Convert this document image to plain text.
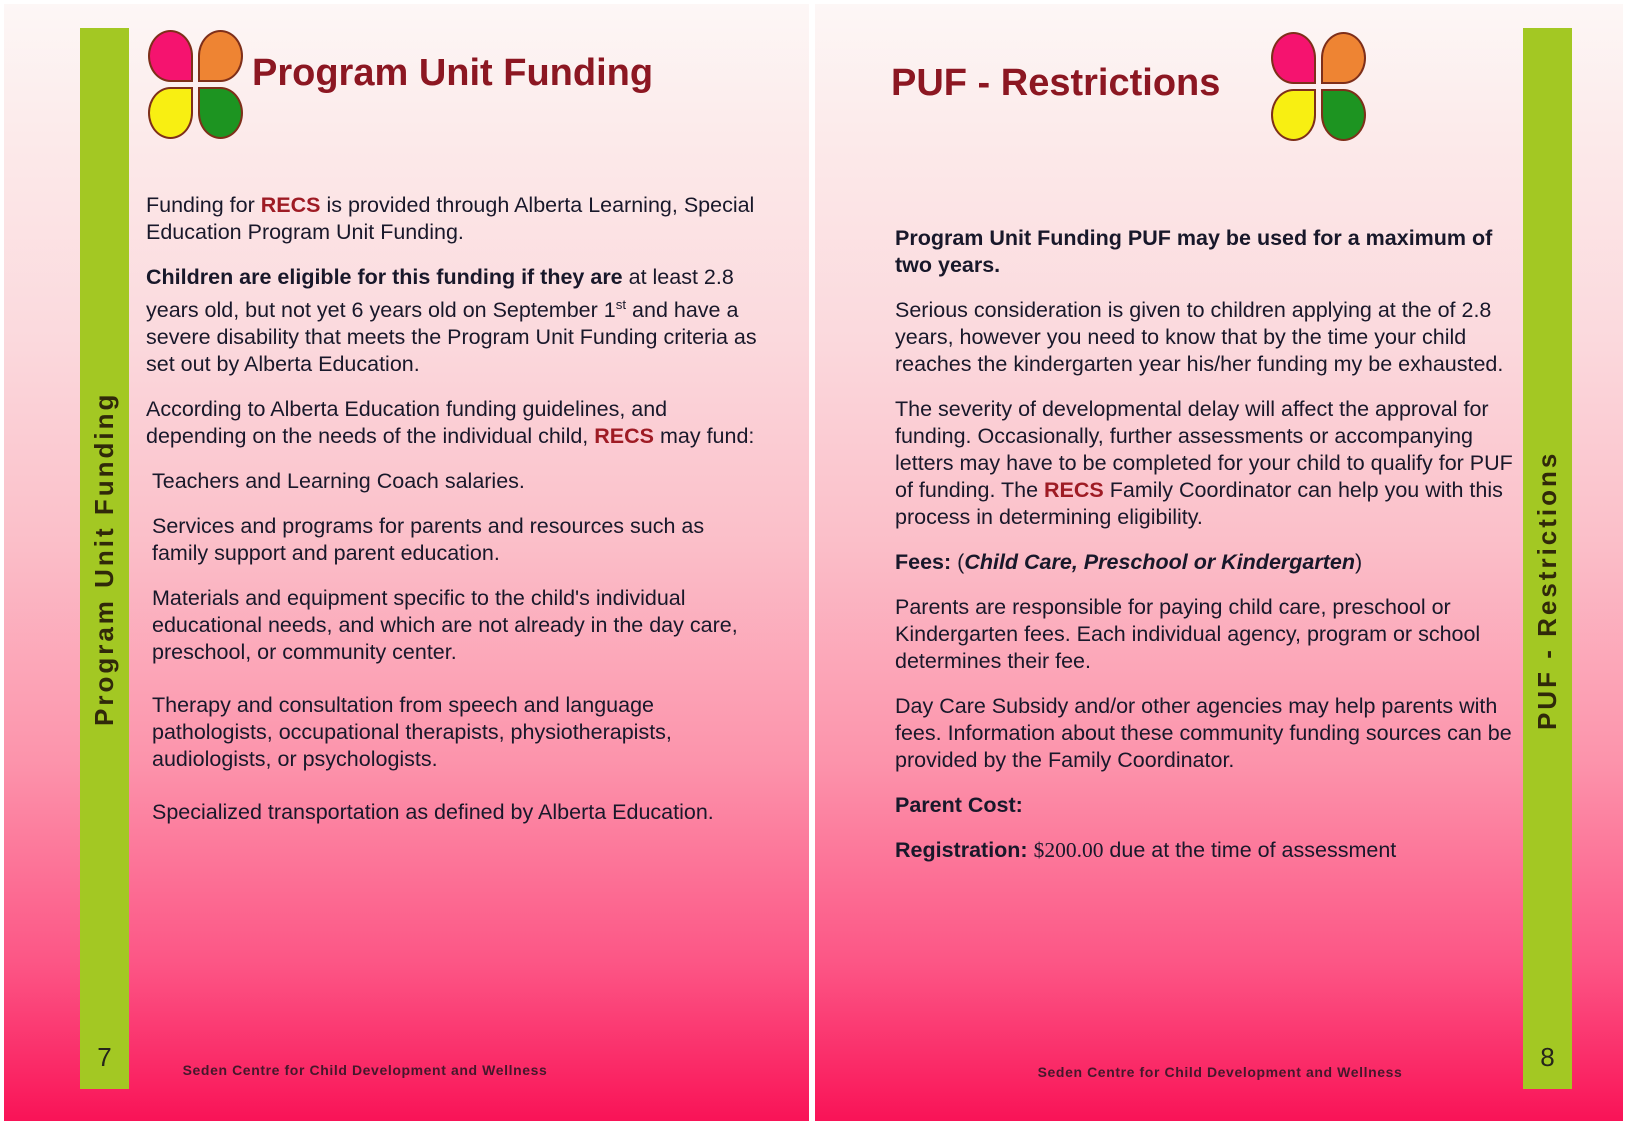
Program Unit Funding
7
Program Unit Funding

Funding for RECS is provided through Alberta Learning, Special Education Program Unit Funding.

Children are eligible for this funding if they are at least 2.8 years old, but not yet 6 years old on September 1st and have a severe disability that meets the Program Unit Funding criteria as set out by Alberta Education.

According to Alberta Education funding guidelines, and depending on the needs of the individual child, RECS may fund:

Teachers and Learning Coach salaries.

Services and programs for parents and resources such as family support and parent education.

Materials and equipment specific to the child's individual educational needs, and which are not already in the day care, preschool, or community center.

Therapy and consultation from speech and language pathologists, occupational therapists, physiotherapists, audiologists, or psychologists.

Specialized transportation as defined by Alberta Education.

Seden Centre for Child Development and Wellness
PUF - Restrictions
8
PUF - Restrictions

Program Unit Funding PUF may be used for a maximum of two years.

Serious consideration is given to children applying at the of 2.8 years, however you need to know that by the time your child reaches the kindergarten year his/her funding my be exhausted.

The severity of developmental delay will affect the approval for funding. Occasionally, further assessments or accompanying letters may have to be completed for your child to qualify for PUF of funding. The RECS Family Coordinator can help you with this process in determining eligibility.

Fees: (Child Care, Preschool or Kindergarten)

Parents are responsible for paying child care, preschool or Kindergarten fees. Each individual agency, program or school determines their fee.

Day Care Subsidy and/or other agencies may help parents with fees. Information about these community funding sources can be provided by the Family Coordinator.

Parent Cost:

Registration: $200.00 due at the time of assessment

Seden Centre for Child Development and Wellness
